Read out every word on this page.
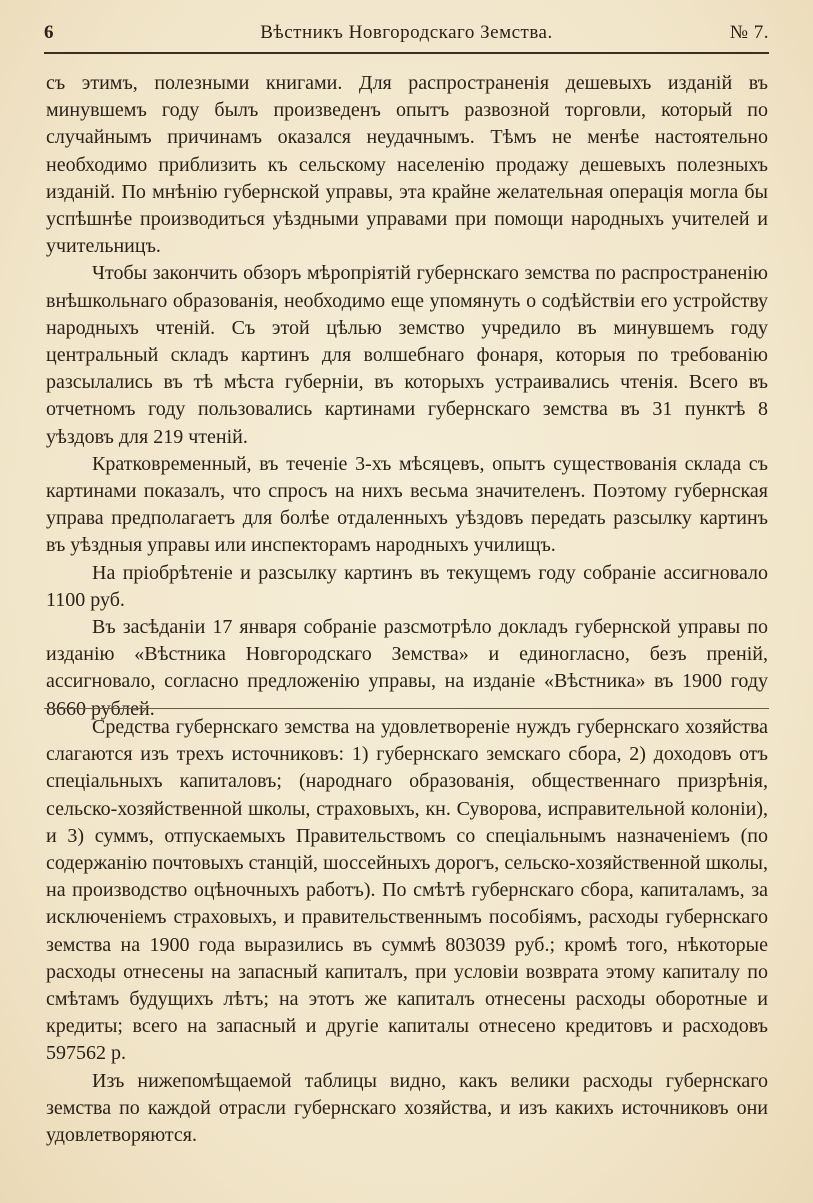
6	Вѣстникъ Новгородскаго Земства.	№ 7.

съ этимъ, полезными книгами. Для распространенія дешевыхъ изданій въ минувшемъ году былъ произведенъ опытъ развозной торговли, который по случайнымъ причинамъ оказался неудачнымъ. Тѣмъ не менѣе настоятельно необходимо приблизить къ сельскому населенію продажу дешевыхъ полезныхъ изданій. По мнѣнію губернской управы, эта крайне желательная операція могла бы успѣшнѣе производиться уѣздными управами при помощи народныхъ учителей и учительницъ.

Чтобы закончить обзоръ мѣропріятій губернскаго земства по распространенію внѣшкольнаго образованія, необходимо еще упомянуть о содѣйствіи его устройству народныхъ чтеній. Съ этой цѣлью земство учредило въ минувшемъ году центральный складъ картинъ для волшебнаго фонаря, которыя по требованію разсылались въ тѣ мѣста губерніи, въ которыхъ устраивались чтенія. Всего въ отчетномъ году пользовались картинами губернскаго земства въ 31 пунктѣ 8 уѣздовъ для 219 чтеній.

Кратковременный, въ теченіе 3-хъ мѣсяцевъ, опытъ существованія склада съ картинами показалъ, что спросъ на нихъ весьма значителенъ. Поэтому губернская управа предполагаетъ для болѣе отдаленныхъ уѣздовъ передать разсылку картинъ въ уѣздныя управы или инспекторамъ народныхъ училищъ.

На пріобрѣтеніе и разсылку картинъ въ текущемъ году собраніе ассигновало 1100 руб.

Въ засѣданіи 17 января собраніе разсмотрѣло докладъ губернской управы по изданію «Вѣстника Новгородскаго Земства» и единогласно, безъ преній, ассигновало, согласно предложенію управы, на изданіе «Вѣстника» въ 1900 году 8660 рублей.

Средства губернскаго земства на удовлетвореніе нуждъ губернскаго хозяйства слагаются изъ трехъ источниковъ: 1) губернскаго земскаго сбора, 2) доходовъ отъ спеціальныхъ капиталовъ; (народнаго образованія, общественнаго призрѣнія, сельско-хозяйственной школы, страховыхъ, кн. Суворова, исправительной колоніи), и 3) суммъ, отпускаемыхъ Правительствомъ со спеціальнымъ назначеніемъ (по содержанію почтовыхъ станцій, шоссейныхъ дорогъ, сельско-хозяйственной школы, на производство оцѣночныхъ работъ). По смѣтѣ губернскаго сбора, капиталамъ, за исключеніемъ страховыхъ, и правительственнымъ пособіямъ, расходы губернскаго земства на 1900 года выразились въ суммѣ 803039 руб.; кромѣ того, нѣкоторые расходы отнесены на запасный капиталъ, при условіи возврата этому капиталу по смѣтамъ будущихъ лѣтъ; на этотъ же капиталъ отнесены расходы оборотные и кредиты; всего на запасный и другіе капиталы отнесено кредитовъ и расходовъ 597562 р.

Изъ нижепомѣщаемой таблицы видно, какъ велики расходы губернскаго земства по каждой отрасли губернскаго хозяйства, и изъ какихъ источниковъ они удовлетворяются.
